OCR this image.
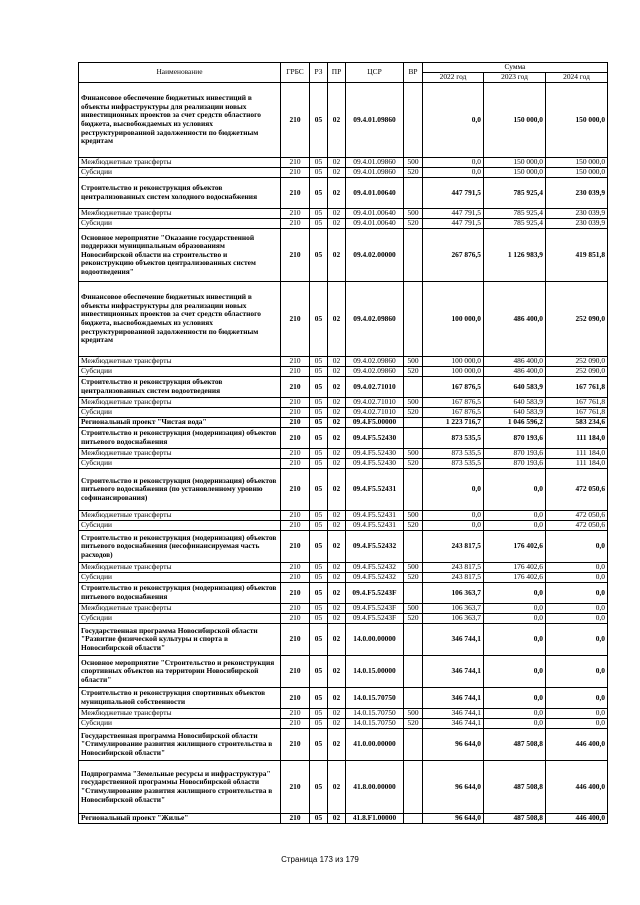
Наименование	ГРБС	РЗ	ПР	ЦСР	ВР	Сумма		
						2022 год	2023 год	2024 год
Финансовое обеспечение бюджетных инвестиций в объекты инфраструктуры для реализации новых инвестиционных проектов за счет средств областного бюджета, высвобождаемых из условиях реструктурированной задолженности по бюджетным кредитам	210	05	02	09.4.01.09860		0,0	150 000,0	150 000,0
Межбюджетные трансферты	210	05	02	09.4.01.09860	500	0,0	150 000,0	150 000,0
Субсидии	210	05	02	09.4.01.09860	520	0,0	150 000,0	150 000,0
Строительство и реконструкция объектов централизованных систем холодного водоснабжения	210	05	02	09.4.01.00640		447 791,5	785 925,4	230 039,9
Межбюджетные трансферты	210	05	02	09.4.01.00640	500	447 791,5	785 925,4	230 039,9
Субсидии	210	05	02	09.4.01.00640	520	447 791,5	785 925,4	230 039,9
Основное мероприятие "Оказание государственной поддержки муниципальным образованиям Новосибирской области на строительство и реконструкцию объектов централизованных систем водоотведения"	210	05	02	09.4.02.00000		267 876,5	1 126 983,9	419 851,8
Финансовое обеспечение бюджетных инвестиций в объекты инфраструктуры для реализации новых инвестиционных проектов за счет средств областного бюджета, высвобождаемых из условиях реструктурированной задолженности по бюджетным кредитам	210	05	02	09.4.02.09860		100 000,0	486 400,0	252 090,0
Межбюджетные трансферты	210	05	02	09.4.02.09860	500	100 000,0	486 400,0	252 090,0
Субсидии	210	05	02	09.4.02.09860	520	100 000,0	486 400,0	252 090,0
Строительство и реконструкция объектов централизованных систем водоотведения	210	05	02	09.4.02.71010		167 876,5	640 583,9	167 761,8
Межбюджетные трансферты	210	05	02	09.4.02.71010	500	167 876,5	640 583,9	167 761,8
Субсидии	210	05	02	09.4.02.71010	520	167 876,5	640 583,9	167 761,8
Региональный проект "Чистая вода"	210	05	02	09.4.F5.00000		1 223 716,7	1 046 596,2	583 234,6
Строительство и реконструкция (модернизация) объектов питьевого водоснабжения	210	05	02	09.4.F5.52430		873 535,5	870 193,6	111 184,0
Межбюджетные трансферты	210	05	02	09.4.F5.52430	500	873 535,5	870 193,6	111 184,0
Субсидии	210	05	02	09.4.F5.52430	520	873 535,5	870 193,6	111 184,0
Строительство и реконструкция (модернизация) объектов питьевого водоснабжения (по установленному уровню софинансирования)	210	05	02	09.4.F5.52431		0,0	0,0	472 050,6
Межбюджетные трансферты	210	05	02	09.4.F5.52431	500	0,0	0,0	472 050,6
Субсидии	210	05	02	09.4.F5.52431	520	0,0	0,0	472 050,6
Строительство и реконструкция (модернизация) объектов питьевого водоснабжения (несофинансируемая часть расходов)	210	05	02	09.4.F5.52432		243 817,5	176 402,6	0,0
Межбюджетные трансферты	210	05	02	09.4.F5.52432	500	243 817,5	176 402,6	0,0
Субсидии	210	05	02	09.4.F5.52432	520	243 817,5	176 402,6	0,0
Строительство и реконструкция (модернизация) объектов питьевого водоснабжения	210	05	02	09.4.F5.5243F		106 363,7	0,0	0,0
Межбюджетные трансферты	210	05	02	09.4.F5.5243F	500	106 363,7	0,0	0,0
Субсидии	210	05	02	09.4.F5.5243F	520	106 363,7	0,0	0,0
Государственная программа Новосибирской области "Развитие физической культуры и спорта в Новосибирской области"	210	05	02	14.0.00.00000		346 744,1	0,0	0,0
Основное мероприятие "Строительство и реконструкция спортивных объектов на территории Новосибирской области"	210	05	02	14.0.15.00000		346 744,1	0,0	0,0
Строительство и реконструкция спортивных объектов муниципальной собственности	210	05	02	14.0.15.70750		346 744,1	0,0	0,0
Межбюджетные трансферты	210	05	02	14.0.15.70750	500	346 744,1	0,0	0,0
Субсидии	210	05	02	14.0.15.70750	520	346 744,1	0,0	0,0
Государственная программа Новосибирской области "Стимулирование развития жилищного строительства в Новосибирской области"	210	05	02	41.0.00.00000		96 644,0	487 508,8	446 400,0
Подпрограмма "Земельные ресурсы и инфраструктура" государственной программы Новосибирской области "Стимулирование развития жилищного строительства в Новосибирской области"	210	05	02	41.8.00.00000		96 644,0	487 508,8	446 400,0
Региональный проект "Жилье"	210	05	02	41.8.F1.00000		96 644,0	487 508,8	446 400,0
Страница 173 из 179
